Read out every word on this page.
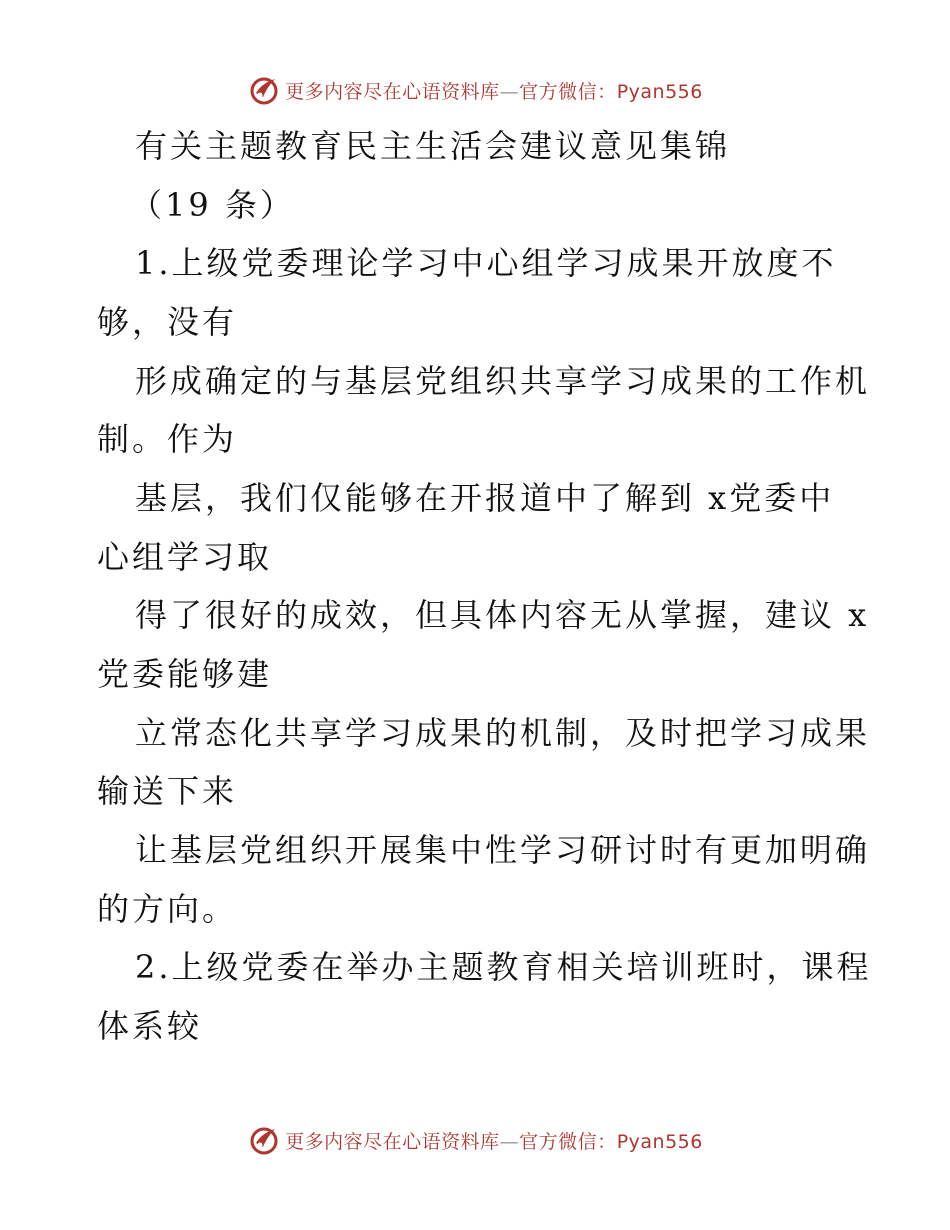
更多内容尽在心语资料库—官方微信：Pyan556
有关主题教育民主生活会建议意见集锦
（19 条）
1.上级党委理论学习中心组学习成果开放度不
够，没有
形成确定的与基层党组织共享学习成果的工作机
制。作为
基层，我们仅能够在开报道中了解到 x党委中
心组学习取
得了很好的成效，但具体内容无从掌握，建议 x
党委能够建
立常态化共享学习成果的机制，及时把学习成果
输送下来
让基层党组织开展集中性学习研讨时有更加明确
的方向。
2.上级党委在举办主题教育相关培训班时，课程
体系较
更多内容尽在心语资料库—官方微信：Pyan556
